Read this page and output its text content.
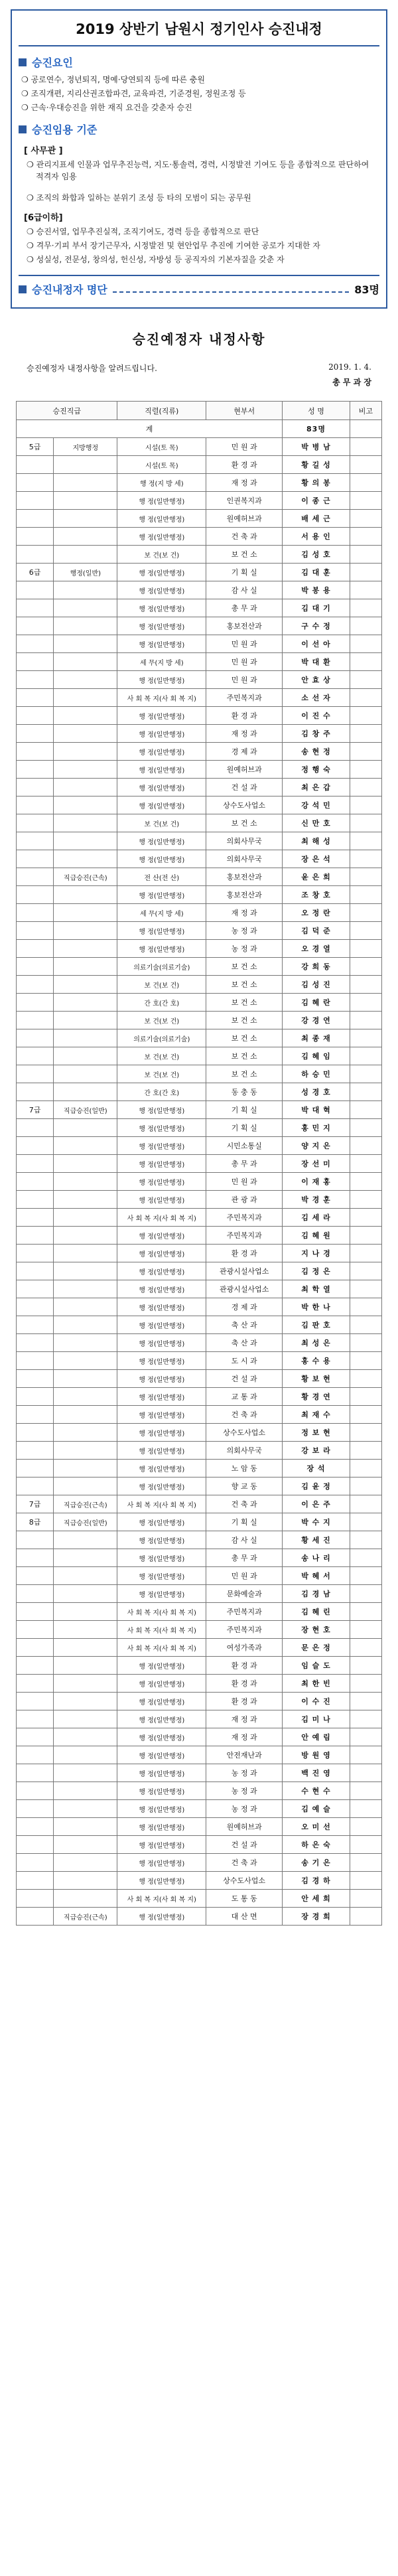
2019 상반기 남원시 정기인사 승진내정
승진요인
❍ 공로연수, 정년퇴직, 명예·당연퇴직 등에 따른 충원
❍ 조직개편, 지리산권조합파견, 교육파견, 기준경원, 정원조정 등
❍ 근속·우대승진을 위한 재직 요건을 갖춘자 승진
승진임용 기준
[ 사무관 ]
❍ 관리지표세 인물과 업무추진능력, 지도·통솔력, 경력, 시정발전 기여도 등을 종합적으로 판단하여 적격자 임용
❍ 조직의 화합과 일하는 분위기 조성 등 타의 모범이 되는 공무원
[6급이하]
❍ 승진서열, 업무추진실적, 조직기여도, 경력 등을 종합적으로 판단
❍ 격무·기피 부서 장기근무자, 시정발전 및 현안업무 추진에 기여한 공로가 지대한 자
❍ 성실성, 전문성, 창의성, 헌신성, 자방성 등 공직자의 기본자질을 갖춘 자
승진내정자 명단	83명
승진예정자 내정사항
승진예정자 내정사항을 알려드립니다.	2019. 1. 4.
총 무 과 장
승진직급		직렬(직류)	현부서	성 명	비고
계				83명	
5급	지방행정	시설(토 목)	민 원 과	박 병 남	
		시설(토 목)	환 경 과	황 길 성	
		행 정(지 방 세)	재 정 과	황 의 봉	
		행 정(일반행정)	인권복지과	이 종 근	
		행 정(일반행정)	원예허브과	배 세 근	
		행 정(일반행정)	건 축 과	서 용 인	
		보 건(보 건)	보 건 소	김 성 호	
6급	행정(일반)	행 정(일반행정)	기 획 실	김 대 훈	
		행 정(일반행정)	감 사 실	박 봉 용	
		행 정(일반행정)	총 무 과	김 대 기	
		행 정(일반행정)	홍보전산과	구 수 정	
		행 정(일반행정)	민 원 과	이 선 아	
		세 무(지 방 세)	민 원 과	박 대 환	
		행 정(일반행정)	민 원 과	안 효 상	
		사 회 복 지(사 회 복 지)	주민복지과	소 선 자	
		행 정(일반행정)	환 경 과	이 진 수	
		행 정(일반행정)	재 정 과	김 창 주	
		행 정(일반행정)	경 제 과	송 현 정	
		행 정(일반행정)	원예허브과	정 행 숙	
		행 정(일반행정)	건 설 과	최 은 갑	
		행 정(일반행정)	상수도사업소	강 석 민	
		보 건(보 건)	보 건 소	신 만 호	
		행 정(일반행정)	의회사무국	최 해 성	
		행 정(일반행정)	의회사무국	장 은 석	
	직급승진(근속)	전 산(전 산)	홍보전산과	윤 은 희	
		행 정(일반행정)	홍보전산과	조 창 호	
		세 무(지 방 세)	재 정 과	오 정 란	
		행 정(일반행정)	농 정 과	김 덕 준	
		행 정(일반행정)	농 정 과	오 경 열	
		의료기술(의료기술)	보 건 소	강 희 동	
		보 건(보 건)	보 건 소	김 성 진	
		간 호(간 호)	보 건 소	김 혜 란	
		보 건(보 건)	보 건 소	강 경 연	
		의료기술(의료기술)	보 건 소	최 종 재	
		보 건(보 건)	보 건 소	김 혜 임	
		보 건(보 건)	보 건 소	하 승 민	
		간 호(간 호)	동 충 동	성 경 호	
7급	직급승진(일반)	행 정(일반행정)	기 획 실	박 대 혁	
		행 정(일반행정)	기 획 실	홍 민 지	
		행 정(일반행정)	시민소통실	양 지 은	
		행 정(일반행정)	총 무 과	장 선 미	
		행 정(일반행정)	민 원 과	이 재 홍	
		행 정(일반행정)	관 광 과	박 경 훈	
		사 회 복 지(사 회 복 지)	주민복지과	김 세 라	
		행 정(일반행정)	주민복지과	김 혜 원	
		행 정(일반행정)	환 경 과	지 나 경	
		행 정(일반행정)	관광시설사업소	김 정 은	
		행 정(일반행정)	관광시설사업소	최 학 열	
		행 정(일반행정)	경 제 과	박 한 나	
		행 정(일반행정)	축 산 과	김 판 호	
		행 정(일반행정)	축 산 과	최 성 은	
		행 정(일반행정)	도 시 과	홍 수 용	
		행 정(일반행정)	건 설 과	황 보 현	
		행 정(일반행정)	교 통 과	황 경 연	
		행 정(일반행정)	건 축 과	최 재 수	
		행 정(일반행정)	상수도사업소	정 보 현	
		행 정(일반행정)	의회사무국	강 보 라	
		행 정(일반행정)	노 암 동	장 석	
		행 정(일반행정)	향 교 동	김 윤 정	
7급	직급승진(근속)	사 회 복 지(사 회 복 지)	건 축 과	이 은 주	
8급	직급승진(일반)	행 정(일반행정)	기 획 실	박 수 지	
		행 정(일반행정)	감 사 실	황 세 진	
		행 정(일반행정)	총 무 과	송 나 리	
		행 정(일반행정)	민 원 과	박 혜 서	
		행 정(일반행정)	문화예술과	김 경 남	
		사 회 복 지(사 회 복 지)	주민복지과	김 혜 린	
		사 회 복 지(사 회 복 지)	주민복지과	장 현 호	
		사 회 복 지(사 회 복 지)	여성가족과	문 은 정	
		행 정(일반행정)	환 경 과	임 슬 도	
		행 정(일반행정)	환 경 과	최 한 빈	
		행 정(일반행정)	환 경 과	이 수 진	
		행 정(일반행정)	재 정 과	김 미 나	
		행 정(일반행정)	재 정 과	안 예 림	
		행 정(일반행정)	안전재난과	방 원 영	
		행 정(일반행정)	농 정 과	백 진 영	
		행 정(일반행정)	농 정 과	수 현 수	
		행 정(일반행정)	농 정 과	김 예 슬	
		행 정(일반행정)	원예허브과	오 미 선	
		행 정(일반행정)	건 설 과	하 은 숙	
		행 정(일반행정)	건 축 과	송 기 은	
		행 정(일반행정)	상수도사업소	김 경 하	
		사 회 복 지(사 회 복 지)	도 통 동	안 세 희	
	직급승진(근속)	행 정(일반행정)	대 산 면	장 경 희	
